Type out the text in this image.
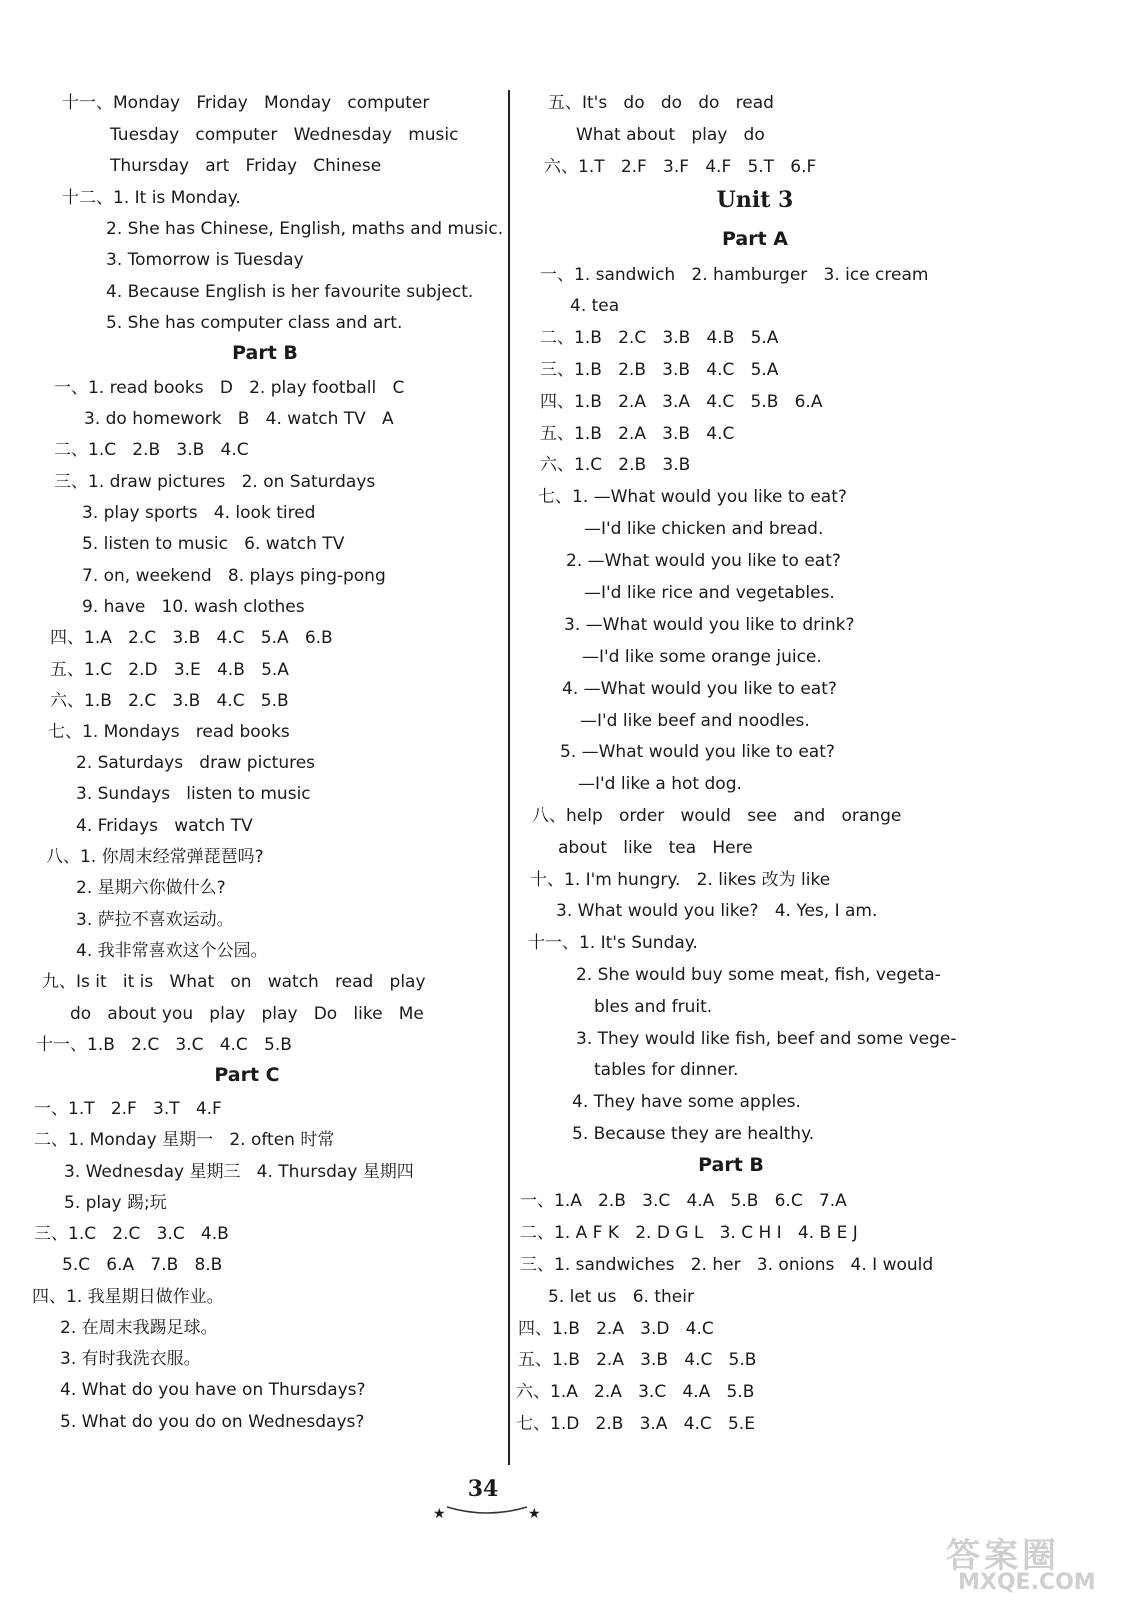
十一、Monday   Friday   Monday   computer
Tuesday   computer   Wednesday   music
Thursday   art   Friday   Chinese
十二、1. It is Monday.
2. She has Chinese, English, maths and music.
3. Tomorrow is Tuesday
4. Because English is her favourite subject.
5. She has computer class and art.
Part B
一、1. read books   D   2. play football   C
3. do homework   B   4. watch TV   A
二、1.C   2.B   3.B   4.C
三、1. draw pictures   2. on Saturdays
3. play sports   4. look tired
5. listen to music   6. watch TV
7. on, weekend   8. plays ping-pong
9. have   10. wash clothes
四、1.A   2.C   3.B   4.C   5.A   6.B
五、1.C   2.D   3.E   4.B   5.A
六、1.B   2.C   3.B   4.C   5.B
七、1. Mondays   read books
2. Saturdays   draw pictures
3. Sundays   listen to music
4. Fridays   watch TV
八、1. 你周末经常弹琵琶吗?
2. 星期六你做什么?
3. 萨拉不喜欢运动。
4. 我非常喜欢这个公园。
九、Is it   it is   What   on   watch   read   play
do   about you   play   play   Do   like   Me
十一、1.B   2.C   3.C   4.C   5.B
Part C
一、1.T   2.F   3.T   4.F
二、1. Monday 星期一   2. often 时常
3. Wednesday 星期三   4. Thursday 星期四
5. play 踢;玩
三、1.C   2.C   3.C   4.B
5.C   6.A   7.B   8.B
四、1. 我星期日做作业。
2. 在周末我踢足球。
3. 有时我洗衣服。
4. What do you have on Thursdays?
5. What do you do on Wednesdays?
五、It's   do   do   do   read
What about   play   do
六、1.T   2.F   3.F   4.F   5.T   6.F
Unit 3
Part A
一、1. sandwich   2. hamburger   3. ice cream
4. tea
二、1.B   2.C   3.B   4.B   5.A
三、1.B   2.B   3.B   4.C   5.A
四、1.B   2.A   3.A   4.C   5.B   6.A
五、1.B   2.A   3.B   4.C
六、1.C   2.B   3.B
七、1. —What would you like to eat?
—I'd like chicken and bread.
2. —What would you like to eat?
—I'd like rice and vegetables.
3. —What would you like to drink?
—I'd like some orange juice.
4. —What would you like to eat?
—I'd like beef and noodles.
5. —What would you like to eat?
—I'd like a hot dog.
八、help   order   would   see   and   orange
about   like   tea   Here
十、1. I'm hungry.   2. likes 改为 like
3. What would you like?   4. Yes, I am.
十一、1. It's Sunday.
2. She would buy some meat, fish, vegeta-
bles and fruit.
3. They would like fish, beef and some vege-
tables for dinner.
4. They have some apples.
5. Because they are healthy.
Part B
一、1.A   2.B   3.C   4.A   5.B   6.C   7.A
二、1. A F K   2. D G L   3. C H I   4. B E J
三、1. sandwiches   2. her   3. onions   4. I would
5. let us   6. their
四、1.B   2.A   3.D   4.C
五、1.B   2.A   3.B   4.C   5.B
六、1.A   2.A   3.C   4.A   5.B
七、1.D   2.B   3.A   4.C   5.E
34
★	★
答案圈
MXQE.COM
